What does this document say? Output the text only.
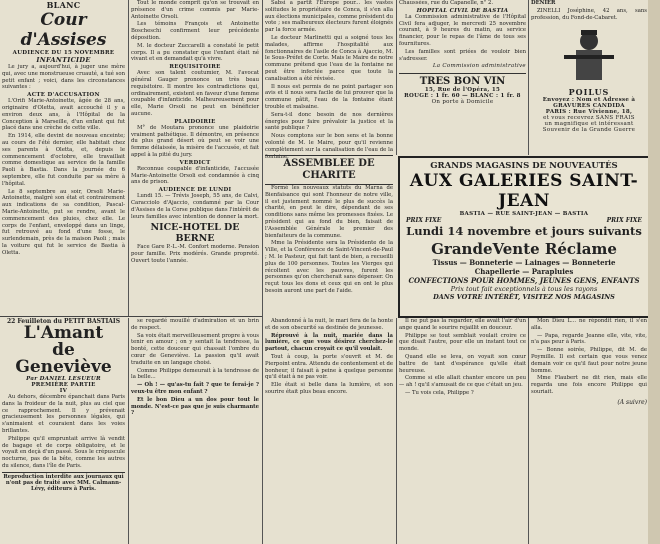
BLANC
Cour d'Assises
AUDIENCE DU 15 NOVEMBRE
INFANTICIDE

Le jury a, aujourd'hui, à juger une mère qui, avec une monstrueuse cruauté, a tué son petit enfant ; voici, dans les circonstances suivantes :

ACTE D'ACCUSATION

L'Orifi Marie-Antoinette, âgée de 28 ans, originaire d'Oletta, avait accouché il y a environ deux ans, à l'Hôpital de la Conception à Marseille, d'un enfant qui fut placé dans une crèche de cette ville.

En 1914, elle devint de nouveau enceinte; au cours de l'été dernier, elle habitait chez ses parents à Oletta, et, depuis le commencement d'octobre, elle travaillait comme domestique au service de la famille Paoli à Bastia. Dans la journée du 6 septembre, elle fut conduite par sa mère à l'hôpital.

Le 8 septembre au soir, Orsoli Marie-Antoinette, malgré son état et contrairement aux indications de sa condition, Pascal-Marie-Antoinette, put se rendre, avant le commencement des pluies, chez elle. Le corps de l'enfant, enveloppé dans un linge, fut retrouvé au fond d'une fosse, le surlendemain, près de la maison Paoli ; mais la voiture qui fut le service de Bastia à Oletta.

Tout le monde comprit qu'on se trouvait en présence d'un crime commis par Marie-Antoinette Orsoli.

Les témoins François et Antoinette Boscheschi confirment leur précédente déposition.

M. le docteur Zuccarelli a constaté le petit corps. Il a pu constater que l'enfant était né vivant et en demandait qu'à vivre.

REQUISITOIRE

Avec son talent coutumier, M. l'avocat général Gauger prononce un très beau requisitoire. Il montre les contradictions qui, ordinairement, existent en faveur d'une femme coupable d'infanticide. Malheureusement pour elle, Marie Orsoli ne peut en bénéficier aucune.

PLAIDOIRIE

M° de Moutara prononce une plaidoirie vraiment pathétique. Il démontre, en présence du plus grand désert où peut se voir une femme délaissée, la misère de l'accusée, et fait appel à la pitié du jury.

VERDICT

Reconnue coupable d'infanticide, l'accusée Marie-Antoinette Orsoli est condamnée à cinq ans de prison.

AUDIENCE DE LUNDI

Lundi 15. — Trévis Joseph, 55 ans, de Calvi, Caracciolo d'Ajaccio, condamné par la Cour d'Assises de la Corse publique dans l'intérêt de leurs familles avec intention de donner la mort.

NICE-HOTEL DE BERNE

Face Gare P.-L.-M. Confort moderne. Pension pour famille. Prix modérés. Grande propreté. Ouvert toute l'année.

Sabsi a partit l'Europe pour... les vastes solitudes le propriétaire de Conca, il s'en alla aux élections municipales, comme président du vote ; ses malheureux électeurs furent éloignés par la force armée.

Le docteur Marlinetti qui a soigné tous les malades, affirme l'hospitalité aux fonctionnaires de l'asile de Conca à Ajaccio, M. le Sous-Préfet de Corte. Mais le Maire de notre commune prétend que l'eau de la fontaine ne peut être infectée parce que toute la canalisation a été révisée.

Il nous est permis de ne point partager son avis et il nous sera facile de lui prouver que la commune pâtit, l'eau de la fontaine étant trouble et malsaine.

Sera-t-il donc besoin de nos dernières énergies pour faire prévaloir la justice et la santé publique ?

Nous comptons sur le bon sens et la bonne volonté de M. le Maire, pour qu'il revienne complètement sur la canalisation de l'eau de la fontaine.

ASSEMBLEE DE CHARITE

Formé les nouveaux statuts du Marna de Bienfaisance qui sont l'honneur de notre ville, il est justement nommé le plus de succès la charité, en peut le dire, dépendant de ses conditions sans même les promesses fixées. Le président qui au fond du bien, faisait de l'Assemblée Générale le premier des bienfaiteurs de la commune.

Mme la Présidente sera la Présidente de la Ville, et la Conférence de Saint-Vincent-de-Paul ; M. le Pasteur, qui fait tant de bien, a recueilli plus de 100 personnes. Toutes les Vierges qui récoltent avec les pauvres, furent les personnes qu'on chercherait sans dépenser. On reçut tous les dons et ceux qui en ont le plus besoin auront une part de l'aide.

Chaussées, rue du Capanelle, n° 2.

HOPITAL CIVIL DE BASTIA

La Commission administrative de l'Hôpital Civil fera adjuger, le mercredi 25 novembre courant, à 9 heures du matin, au service financier, pour le repas de l'âme de tous ses fournitures.

Les familles sont priées de vouloir bien s'adresser.

La Commission administrative
TRES BON VIN
15, Rue de l'Opéra, 15
ROUGE : 1 fr. 60 — BLANC : 1 fr. 8
On porte à Domicile

DENIER

ZINELLI Joséphine, 42 ans, sans profession, du Fond-de-Cabaret.

POILUS
Envoyez : Nom et Adresse à
GRAVURES CANDIDA
PARIS : Rue Vivienne, 18,
et vous recevrez SANS FRAIS
un magnifique et intéressant
Souvenir de la Grande Guerre
GRANDS MAGASINS DE NOUVEAUTÉS
AUX GALERIES SAINT-JEAN
BASTIA — RUE SAINT-JEAN — BASTIA
PRIX FIXE	PRIX FIXE
Lundi 14 novembre et jours suivants
GrandeVente Réclame
Tissus — Bonneterie — Lainages — Bonneterie
Chapellerie — Parapluies
CONFECTIONS POUR HOMMES, JEUNES GENS, ENFANTS
Prix tout fait exceptionnels à tous les rayons
DANS VOTRE INTÉRÊT, VISITEZ NOS MAGASINS
22 Feuilleton du PETIT BASTIAIS
L'Amant
de Geneviève
Par DANIEL LESUEUR
PREMIÈRE PARTIE
IV

Au dehors, décembre épanchait dans Paris dans la froideur de la nuit, plus au ciel que ce rapprochement. Il y prévenait gracieusement les personnes légales, qui s'animaient et couraient dans les voies brillantes.

Philippe qu'il empruntait arrive là vendit de bagage et de corps obligatoire, et le voyait en deçà d'un passé. Sous le crépuscule nocturne, pas de la bête, comme les autres du silence, dans l'île de Paris.

Reproduction interdite aux journaux qui n'ont pas de traité avec MM. Calmann-Lévy, éditeurs à Paris.

se regardé mouillé d'admiration et un brin de respect.

Sa voix était merveilleusement propre à vous tenir en amour ; on y sentait la tendresse, la bonté, cette douceur qui chassait l'ombre du cœur de Geneviève. La passion qu'il avait traduite en un langage choisi.

Comme Philippe demeurait à la tendresse de la belle...

— Oh ! — qu'as-tu fait ? que te ferai-je ? veux-tu être mon enfant ?

Et le bon Dieu a un dos pour tout le monde. N'est-ce pas que je suis charmante ?

Abandonné à la nuit, le mari fera de la honte et de son obscurité sa destinée de jeunesse.

Réprouvé à la nuit, mariée dans la lumière, ce que vous désirez cherchez-le partout, chacun croyait ce qu'il voulait.

Tout à coup, la porte s'ouvrit et M. de Pierpoint entra. Attendu de contentement et de bonheur, il faisait à peine à quelque personne qu'il était à ne pas voir.

Elle était si belle dans la lumière, et son sourire était plus beau encore.

Il ne put pas la regarder, elle avait l'air d'un ange quand le sourire rejaillit en douceur.

Philippe se tout semblait voulait croire ce que disait l'autre, pour elle un instant tout ce monde.

Quand elle se leva, on voyait son cœur battre de tant d'espérance qu'elle était heureuse.

Comme si elle allait chanter encore un peu — ah ! qu'il s'amusait de ce que c'était un jeu.

— Tu vois cela, Philippe ?

Mon Dieu L... ne répondit rien, il s'en alla.

— Papa, regarde Jeanne elle, vite, vite, n'a pas peur à Paris.

— Bonne soirée, Philippe, dit M. de Poymille. Il est certain que vous venez demain voir ce qu'il faut pour notre jeune homme.

Mme Flaubert ne dit rien, mais elle regarda une fois encore Philippe qui souriait.

(A suivre)
